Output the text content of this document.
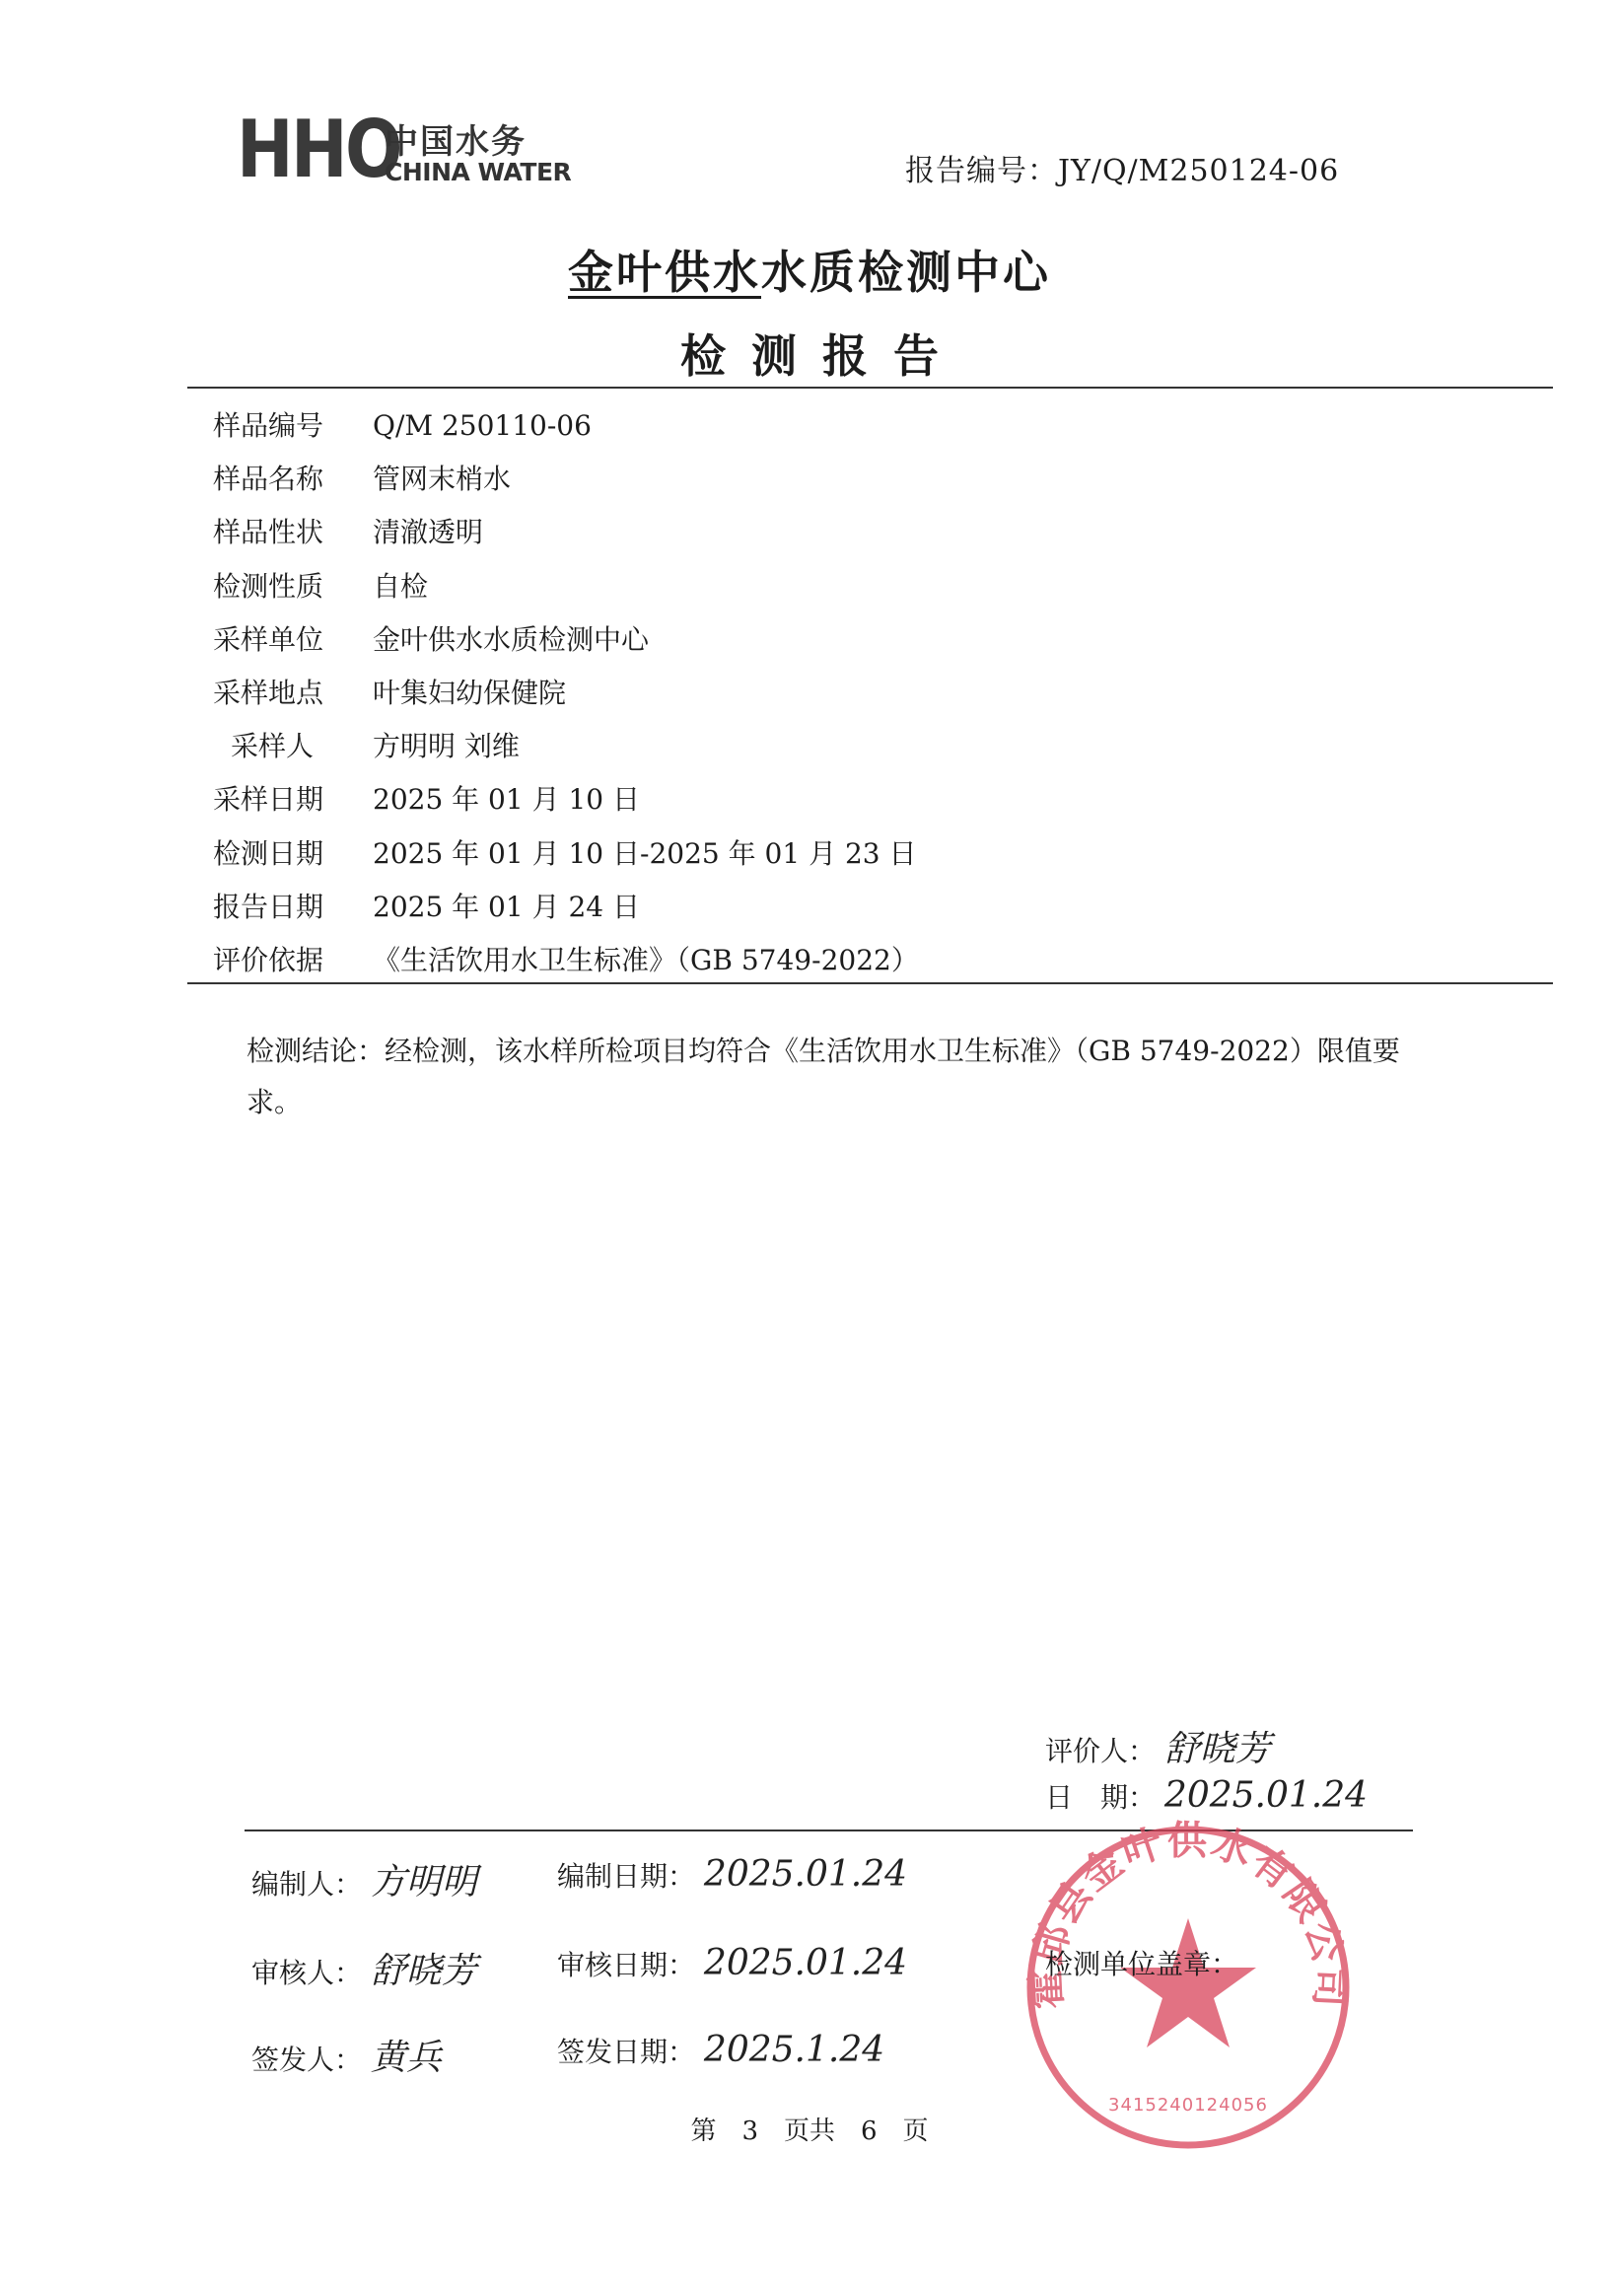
HHO
中国水务
CHINA WATER	报告编号：JY/Q/M250124-06
金叶供水水质检测中心
检测报告
样品编号 Q/M 250110-06
样品名称 管网末梢水
样品性状 清澈透明
检测性质 自检
采样单位 金叶供水水质检测中心
采样地点 叶集妇幼保健院
采样人 方明明 刘维
采样日期 2025 年 01 月 10 日
检测日期 2025 年 01 月 10 日-2025 年 01 月 23 日
报告日期 2025 年 01 月 24 日
评价依据 《生活饮用水卫生标准》（GB 5749-2022）
检测结论：经检测，该水样所检项目均符合《生活饮用水卫生标准》（GB 5749-2022）限值要求。
评价人： 舒晓芳
日　期： 2025.01.24
编制人： 方明明	编制日期： 2025.01.24
审核人： 舒晓芳	审核日期： 2025.01.24
签发人： 黄兵	签发日期： 2025.1.24
霍邱县金叶供水有限公司
3415240124056
检测单位盖章：
第　3　页共　6　页
